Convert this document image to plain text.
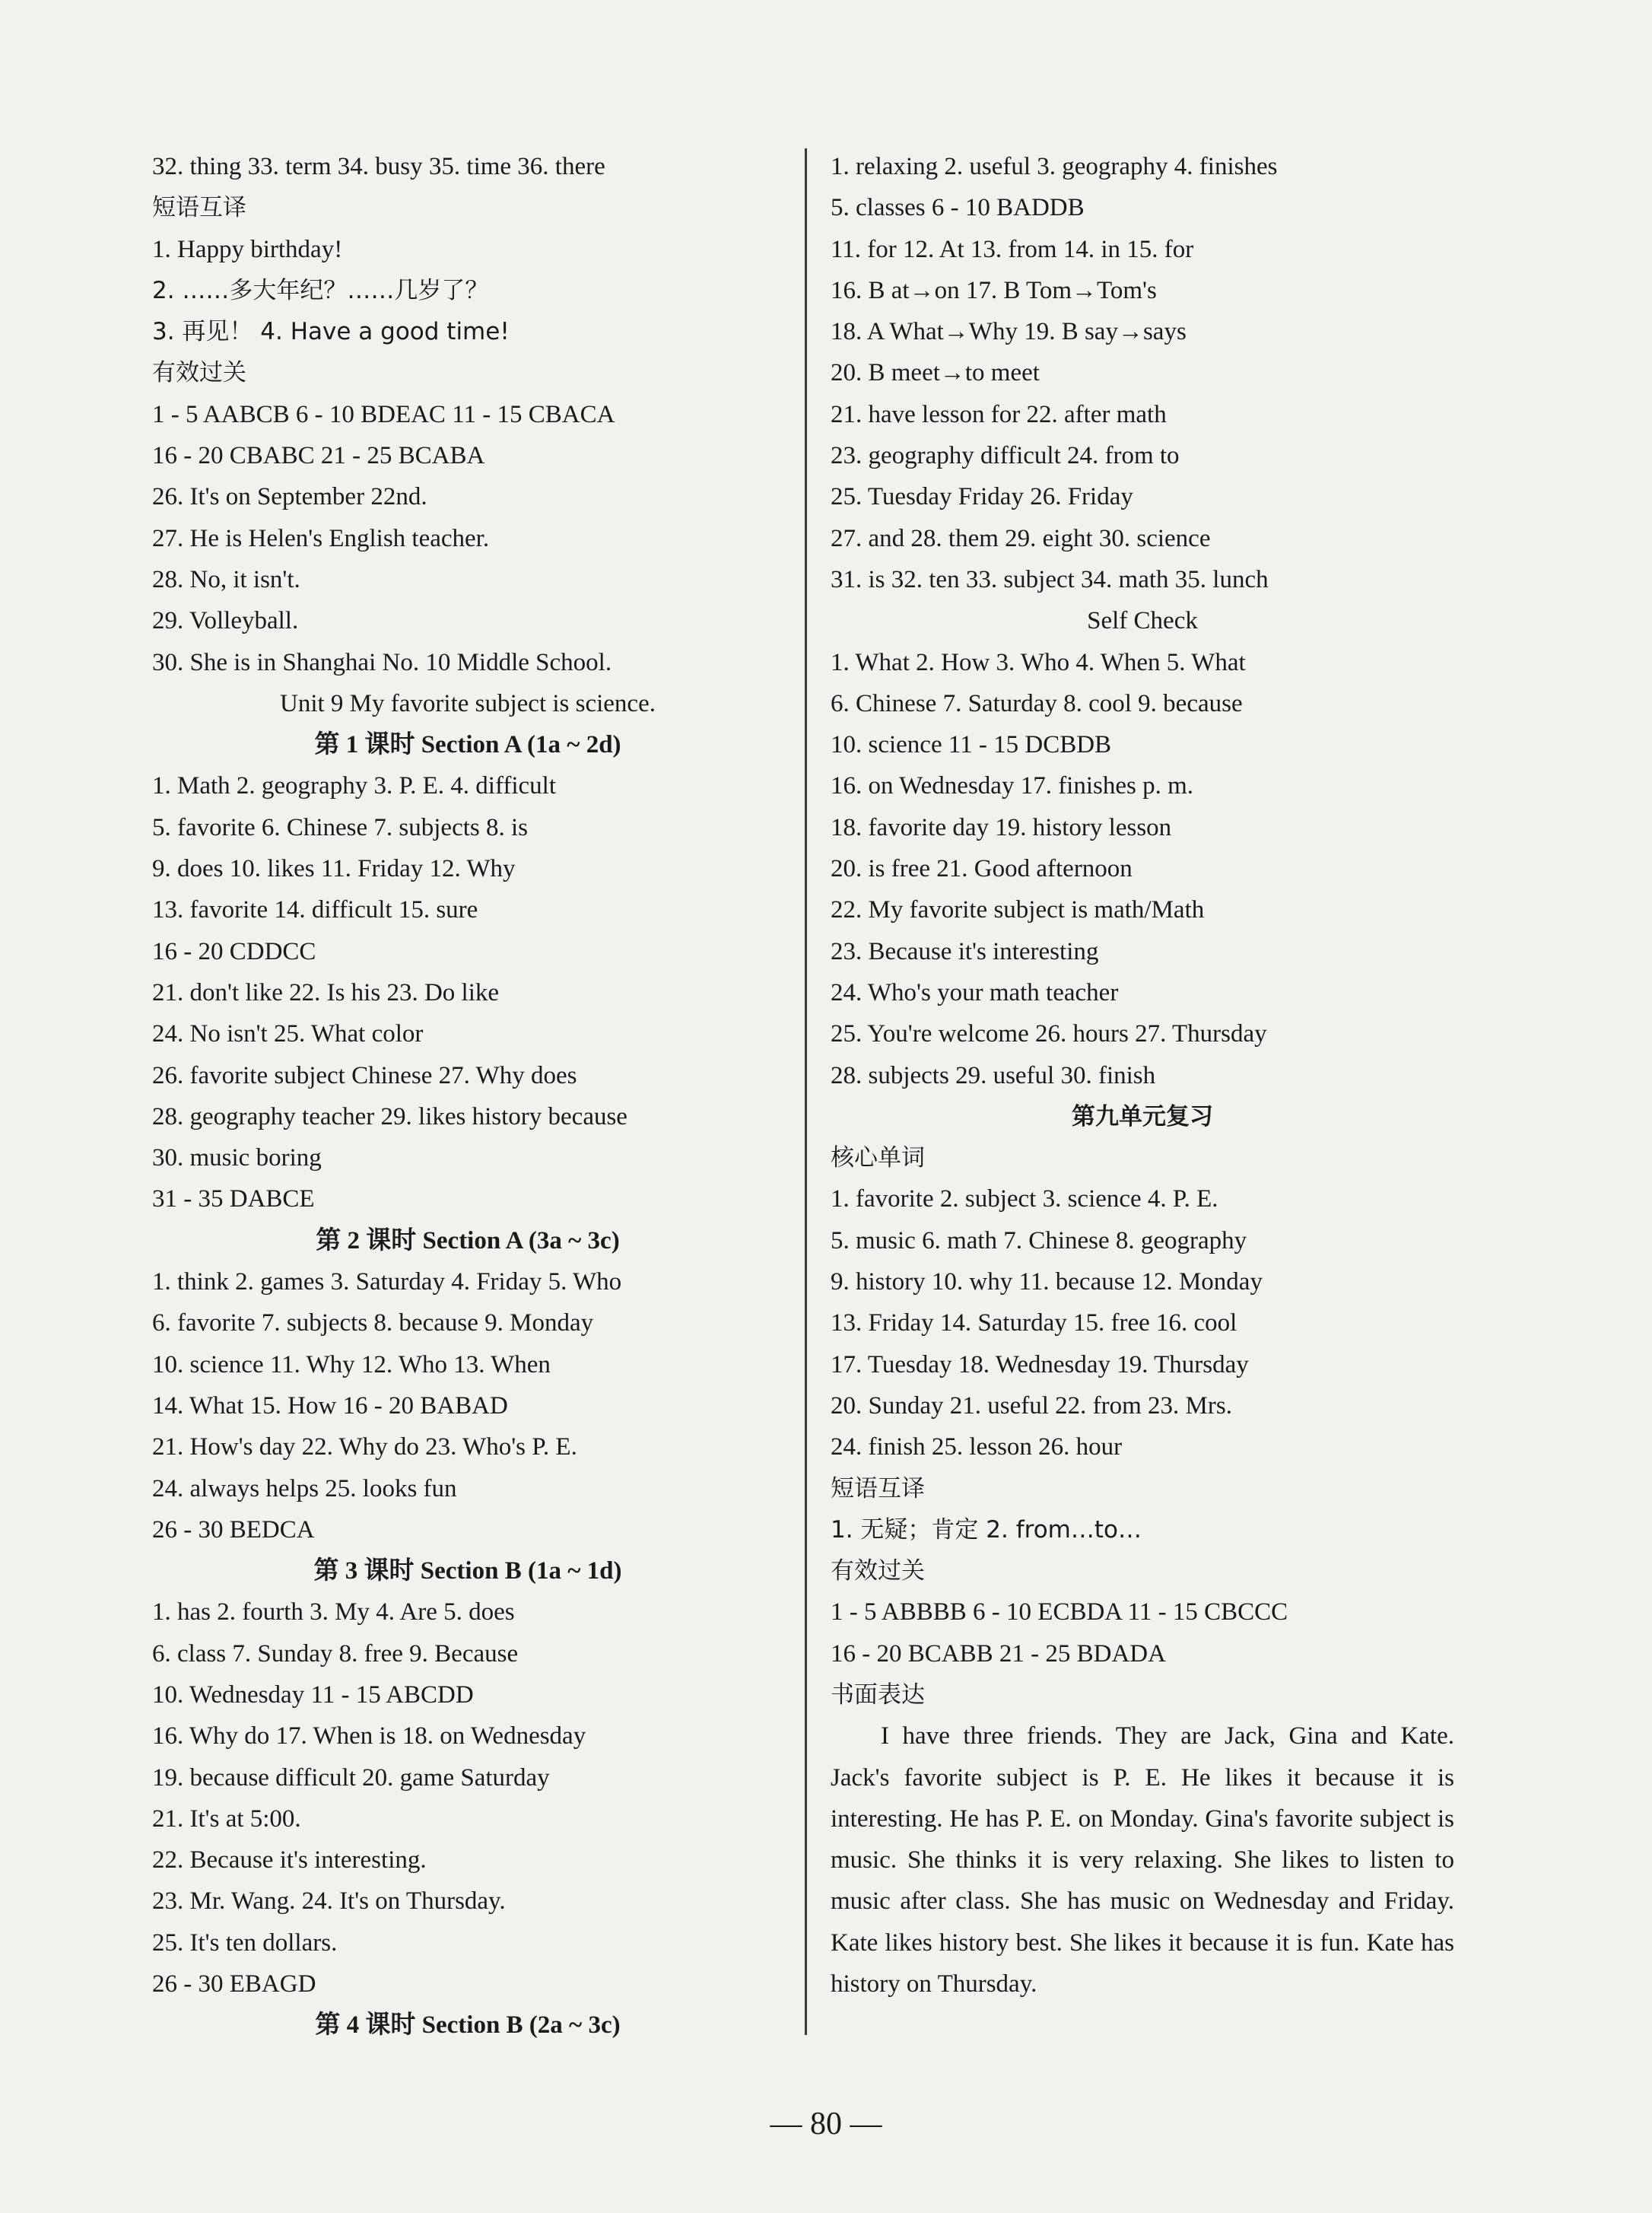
32. thing 33. term 34. busy 35. time 36. there
短语互译
1. Happy birthday!
2. ……多大年纪？……几岁了？
3. 再见！ 4. Have a good time!
有效过关
1 - 5 AABCB 6 - 10 BDEAC 11 - 15 CBACA
16 - 20 CBABC 21 - 25 BCABA
26. It's on September 22nd.
27. He is Helen's English teacher.
28. No, it isn't.
29. Volleyball.
30. She is in Shanghai No. 10 Middle School.
Unit 9 My favorite subject is science.
第 1 课时 Section A (1a ~ 2d)
1. Math 2. geography 3. P. E. 4. difficult
5. favorite 6. Chinese 7. subjects 8. is
9. does 10. likes 11. Friday 12. Why
13. favorite 14. difficult 15. sure
16 - 20 CDDCC
21. don't like 22. Is his 23. Do like
24. No isn't 25. What color
26. favorite subject Chinese 27. Why does
28. geography teacher 29. likes history because
30. music boring
31 - 35 DABCE
第 2 课时 Section A (3a ~ 3c)
1. think 2. games 3. Saturday 4. Friday 5. Who
6. favorite 7. subjects 8. because 9. Monday
10. science 11. Why 12. Who 13. When
14. What 15. How 16 - 20 BABAD
21. How's day 22. Why do 23. Who's P. E.
24. always helps 25. looks fun
26 - 30 BEDCA
第 3 课时 Section B (1a ~ 1d)
1. has 2. fourth 3. My 4. Are 5. does
6. class 7. Sunday 8. free 9. Because
10. Wednesday 11 - 15 ABCDD
16. Why do 17. When is 18. on Wednesday
19. because difficult 20. game Saturday
21. It's at 5:00.
22. Because it's interesting.
23. Mr. Wang. 24. It's on Thursday.
25. It's ten dollars.
26 - 30 EBAGD
第 4 课时 Section B (2a ~ 3c)
1. relaxing 2. useful 3. geography 4. finishes
5. classes 6 - 10 BADDB
11. for 12. At 13. from 14. in 15. for
16. B at→on 17. B Tom→Tom's
18. A What→Why 19. B say→says
20. B meet→to meet
21. have lesson for 22. after math
23. geography difficult 24. from to
25. Tuesday Friday 26. Friday
27. and 28. them 29. eight 30. science
31. is 32. ten 33. subject 34. math 35. lunch
Self Check
1. What 2. How 3. Who 4. When 5. What
6. Chinese 7. Saturday 8. cool 9. because
10. science 11 - 15 DCBDB
16. on Wednesday 17. finishes p. m.
18. favorite day 19. history lesson
20. is free 21. Good afternoon
22. My favorite subject is math/Math
23. Because it's interesting
24. Who's your math teacher
25. You're welcome 26. hours 27. Thursday
28. subjects 29. useful 30. finish
第九单元复习
核心单词
1. favorite 2. subject 3. science 4. P. E.
5. music 6. math 7. Chinese 8. geography
9. history 10. why 11. because 12. Monday
13. Friday 14. Saturday 15. free 16. cool
17. Tuesday 18. Wednesday 19. Thursday
20. Sunday 21. useful 22. from 23. Mrs.
24. finish 25. lesson 26. hour
短语互译
1. 无疑；肯定 2. from…to…
有效过关
1 - 5 ABBBB 6 - 10 ECBDA 11 - 15 CBCCC
16 - 20 BCABB 21 - 25 BDADA
书面表达
I have three friends. They are Jack, Gina and Kate. Jack's favorite subject is P. E. He likes it because it is interesting. He has P. E. on Monday. Gina's favorite subject is music. She thinks it is very relaxing. She likes to listen to music after class. She has music on Wednesday and Friday. Kate likes history best. She likes it because it is fun. Kate has history on Thursday.
— 80 —
